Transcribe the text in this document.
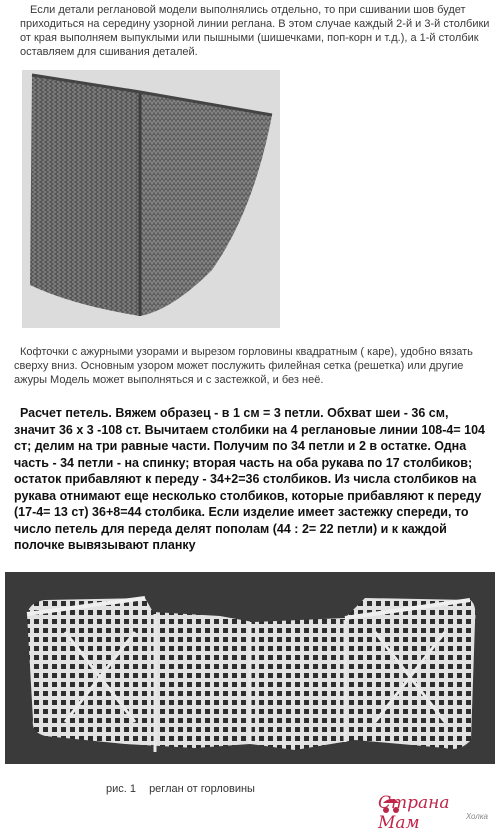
Если детали реглановой модели выполнялись отдельно, то при сшивании шов будет приходиться на середину узорной линии реглана. В этом случае каждый 2-й и 3-й столбики от края выполняем выпуклыми или пышными (шишечками, поп-корн и т.д.), а 1-й столбик оставляем для сшивания деталей.
Кофточки с ажурными узорами и вырезом горловины квадратным ( каре), удобно вязать сверху вниз. Основным узором может послужить филейная сетка (решетка) или другие ажуры Модель может выполняться и с застежкой, и без неё.
Расчет петель. Вяжем образец - в 1 см = 3 петли. Обхват шеи - 36 см, значит 36 х 3 -108 ст. Вычитаем столбики на 4 реглановые линии 108-4= 104 ст; делим на три равные части. Получим по 34 петли и 2 в остатке. Одна часть - 34 петли - на спинку; вторая часть на оба рукава по 17 столбиков; остаток прибавляют к переду - 34+2=36 столбиков. Из числа столбиков на рукава отнимают еще несколько столбиков, которые прибавляют к переду (17-4= 13 ст) 36+8=44 столбика. Если изделие имеет застежку спереди, то число петель для переда делят пополам (44 : 2= 22 петли) и к каждой полочке вывязывают планку
рис. 1 реглан от горловины
Страна Мам	Холка
